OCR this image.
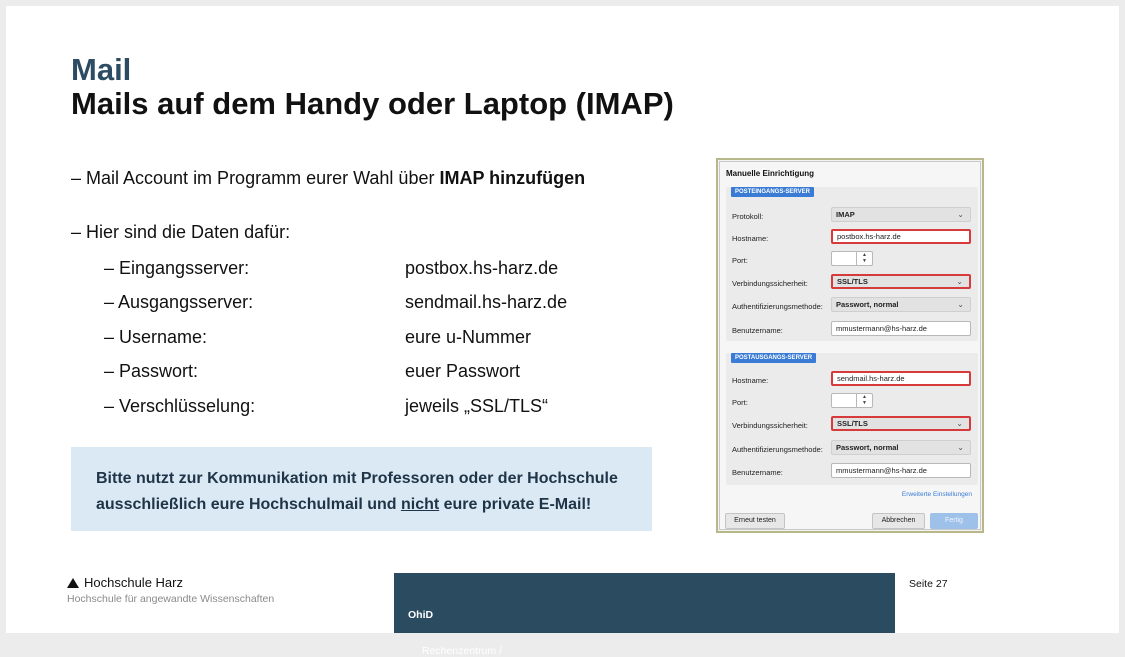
Mail
Mails auf dem Handy oder Laptop (IMAP)
– Mail Account im Programm eurer Wahl über IMAP hinzufügen
– Hier sind die Daten dafür:
– Eingangsserver:	postbox.hs-harz.de
– Ausgangsserver:	sendmail.hs-harz.de
– Username:	eure u-Nummer
– Passwort:	euer Passwort
– Verschlüsselung:	jeweils „SSL/TLS“
Bitte nutzt zur Kommunikation mit Professoren oder der Hochschule ausschließlich eure Hochschulmail und nicht eure private E-Mail!
Manuelle Einrichtigung
POSTEINGANGS-SERVER
Protokoll:	IMAP	⌄
Hostname:	postbox.hs-harz.de
Port:
▲
▼
Verbindungssicherheit:	SSL/TLS	⌄
Authentifizierungsmethode:	Passwort, normal	⌄
Benutzername:	mmustermann@hs-harz.de
POSTAUSGANGS-SERVER
Hostname:	sendmail.hs-harz.de
Port:
▲
▼
Verbindungssicherheit:	SSL/TLS	⌄
Authentifizierungsmethode:	Passwort, normal	⌄
Benutzername:	mmustermann@hs-harz.de
Erweiterte Einstellungen
Erneut testen	Abbrechen	Fertig
Hochschule Harz
Hochschule für angewandte Wissenschaften
Rechenzentrum /
OhiD
Seite 27
